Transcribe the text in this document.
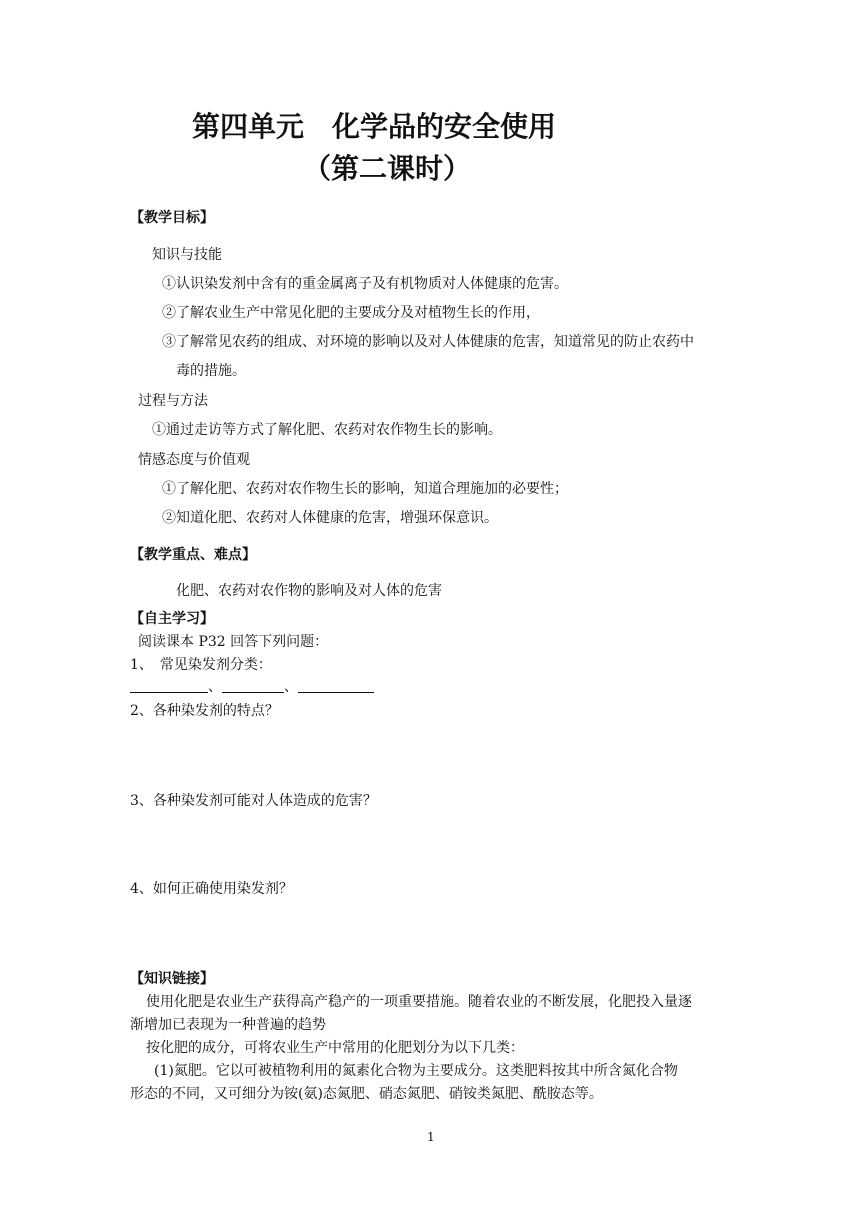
第四单元　化学品的安全使用
（第二课时）
【教学目标】
知识与技能
①认识染发剂中含有的重金属离子及有机物质对人体健康的危害。
②了解农业生产中常见化肥的主要成分及对植物生长的作用，
③了解常见农药的组成、对环境的影响以及对人体健康的危害，知道常见的防止农药中
毒的措施。
过程与方法
①通过走访等方式了解化肥、农药对农作物生长的影响。
情感态度与价值观
①了解化肥、农药对农作物生长的影响，知道合理施加的必要性；
②知道化肥、农药对人体健康的危害，增强环保意识。
【教学重点、难点】
化肥、农药对农作物的影响及对人体的危害
【自主学习】
阅读课本 P32 回答下列问题：
1、　常见染发剂分类：
、	、
2、各种染发剂的特点？
3、各种染发剂可能对人体造成的危害？
4、如何正确使用染发剂？
【知识链接】
使用化肥是农业生产获得高产稳产的一项重要措施。随着农业的不断发展，化肥投入量逐
渐增加已表现为一种普遍的趋势
按化肥的成分，可将农业生产中常用的化肥划分为以下几类：
(1)氮肥。它以可被植物利用的氮素化合物为主要成分。这类肥料按其中所含氮化合物
形态的不同，又可细分为铵(氨)态氮肥、硝态氮肥、硝铵类氮肥、酰胺态等。
1
